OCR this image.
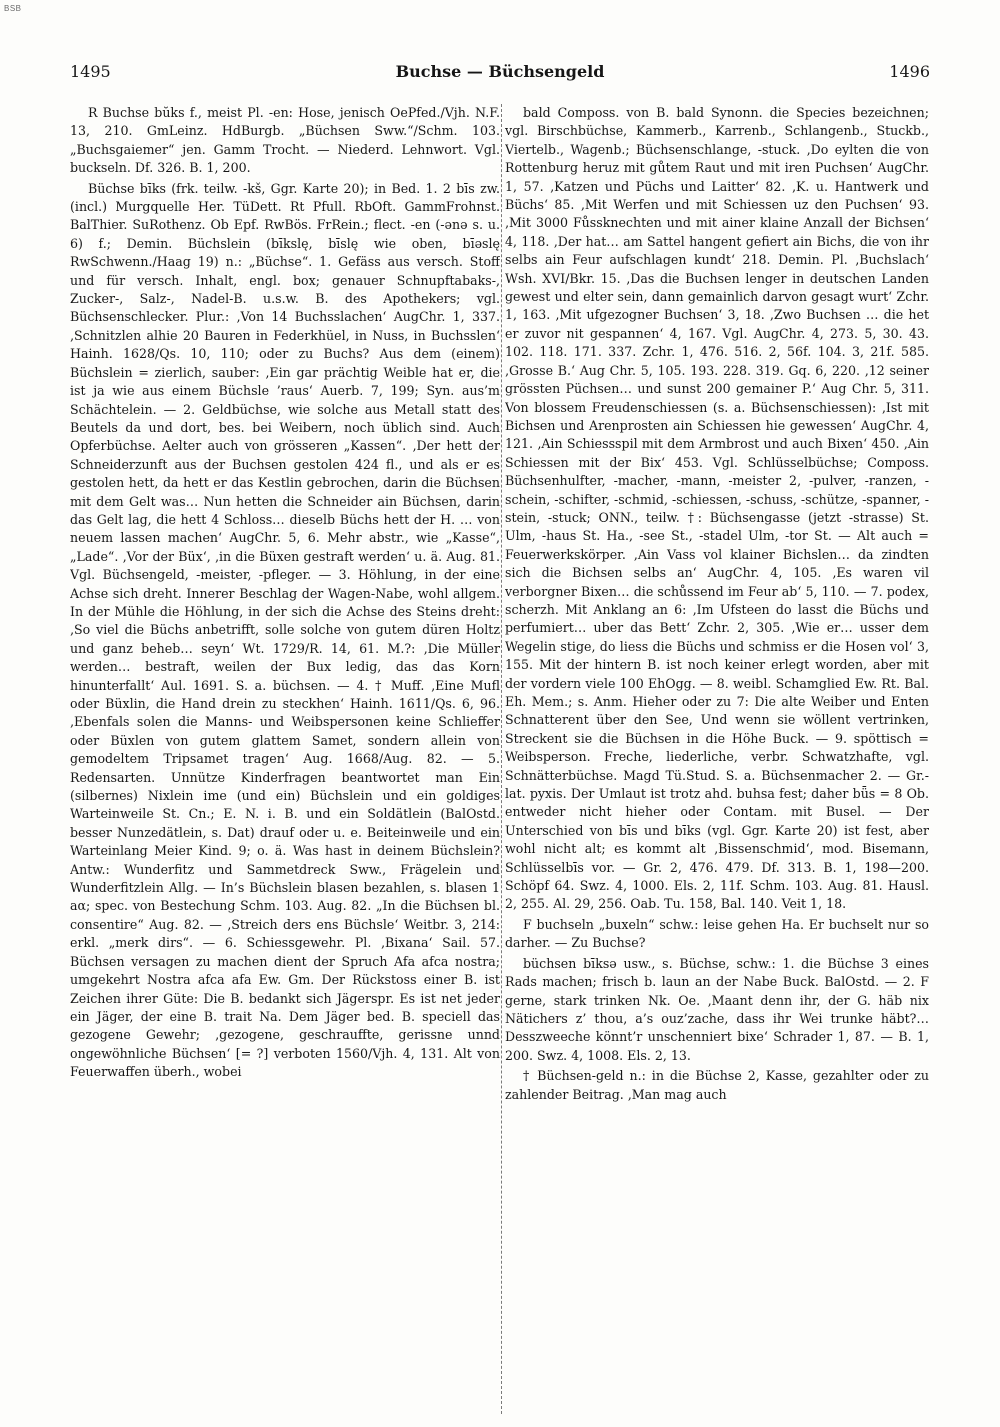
BSB
1495	Buchse — Büchsengeld	1496

R Buchse bŭks f., meist Pl. -en: Hose, jenisch OePfed./Vjh. N.F. 13, 210. GmLeinz. HdBurgb. „Büchsen Sww.“/Schm. 103. „Buchsgaiemer“ jen. Gamm Trocht. — Niederd. Lehnwort. Vgl. buckseln. Df. 326. B. 1, 200.

Büchse bīks (frk. teilw. -kš, Ggr. Karte 20); in Bed. 1. 2 bīs zw. (incl.) Murgquelle Her. TüDett. Rt Pfull. RbOft. GammFrohnst. BalThier. SuRothenz. Ob Epf. RwBös. FrRein.; flect. -en (-ənə s. u. 6) f.; Demin. Büchslein (bīkslę, bīslę wie oben, bīəslę RwSchwenn./Haag 19) n.: „Büchse“. 1. Gefäss aus versch. Stoff und für versch. Inhalt, engl. box; genauer Schnupftabaks-, Zucker-, Salz-, Nadel-B. u.s.w. B. des Apothekers; vgl. Büchsenschlecker. Plur.: ‚Von 14 Buchsslachen‘ AugChr. 1, 337. ‚Schnitzlen alhie 20 Bauren in Federkhüel, in Nuss, in Buchsslen‘ Hainh. 1628/Qs. 10, 110; oder zu Buchs? Aus dem (einem) Büchslein = zierlich, sauber: ‚Ein gar prächtig Weible hat er, die ist ja wie aus einem Büchsle ’raus‘ Auerb. 7, 199; Syn. aus’m Schächtelein. — 2. Geldbüchse, wie solche aus Metall statt des Beutels da und dort, bes. bei Weibern, noch üblich sind. Auch Opferbüchse. Aelter auch von grösseren „Kassen“. ‚Der hett der Schneiderzunft aus der Buchsen gestolen 424 fl., und als er es gestolen hett, da hett er das Kestlin gebrochen, darin die Büchsen mit dem Gelt was… Nun hetten die Schneider ain Büchsen, darin das Gelt lag, die hett 4 Schloss… dieselb Büchs hett der H. … von neuem lassen machen‘ AugChr. 5, 6. Mehr abstr., wie „Kasse“, „Lade“. ‚Vor der Büx‘, ‚in die Büxen gestraft werden‘ u. ä. Aug. 81. Vgl. Büchsengeld, -meister, -pfleger. — 3. Höhlung, in der eine Achse sich dreht. Innerer Beschlag der Wagen-Nabe, wohl allgem. In der Mühle die Höhlung, in der sich die Achse des Steins dreht: ‚So viel die Büchs anbetrifft, solle solche von gutem düren Holtz und ganz beheb… seyn‘ Wt. 1729/R. 14, 61. M.?: ‚Die Müller werden… bestraft, weilen der Bux ledig, das das Korn hinunterfallt‘ Aul. 1691. S. a. büchsen. — 4. † Muff. ‚Eine Mufl oder Büxlin, die Hand drein zu steckhen‘ Hainh. 1611/Qs. 6, 96. ‚Ebenfals solen die Manns- und Weibspersonen keine Schlieffer oder Büxlen von gutem glattem Samet, sondern allein von gemodeltem Tripsamet tragen‘ Aug. 1668/Aug. 82. — 5. Redensarten. Unnütze Kinderfragen beantwortet man Ein (silbernes) Nixlein ime (und ein) Büchslein und ein goldiges Warteinweile St. Cn.; E. N. i. B. und ein Soldätlein (BalOstd. besser Nunzedätlein, s. Dat) drauf oder u. e. Beiteinweile und ein Warteinlang Meier Kind. 9; o. ä. Was hast in deinem Büchslein? Antw.: Wunderfitz und Sammetdreck Sww., Frägelein und Wunderfitzlein Allg. — In’s Büchslein blasen bezahlen, s. blasen 1 aα; spec. von Bestechung Schm. 103. Aug. 82. „In die Büchsen bl. consentire“ Aug. 82. — ‚Streich ders ens Büchsle‘ Weitbr. 3, 214: erkl. „merk dirs“. — 6. Schiessgewehr. Pl. ‚Bixana‘ Sail. 57. Büchsen versagen zu machen dient der Spruch Afa afca nostra; umgekehrt Nostra afca afa Ew. Gm. Der Rückstoss einer B. ist Zeichen ihrer Güte: Die B. bedankt sich Jägerspr. Es ist net jeder ein Jäger, der eine B. trait Na. Dem Jäger bed. B. speciell das gezogene Gewehr; ‚gezogene, geschrauffte, gerissne unnd ongewöhnliche Büchsen‘ [= ?] verboten 1560/Vjh. 4, 131. Alt von Feuerwaffen überh., wobei

bald Composs. von B. bald Synonn. die Species bezeichnen; vgl. Birschbüchse, Kammerb., Karrenb., Schlangenb., Stuckb., Viertelb., Wagenb.; Büchsenschlange, -stuck. ‚Do eylten die von Rottenburg heruz mit gůtem Raut und mit iren Puchsen‘ AugChr. 1, 57. ‚Katzen und Püchs und Laitter‘ 82. ‚K. u. Hantwerk und Büchs‘ 85. ‚Mit Werfen und mit Schiessen uz den Puchsen‘ 93. ‚Mit 3000 Fůssknechten und mit ainer klaine Anzall der Bichsen‘ 4, 118. ‚Der hat… am Sattel hangent gefiert ain Bichs, die von ihr selbs ain Feur aufschlagen kundt‘ 218. Demin. Pl. ‚Buchslach‘ Wsh. XVI/Bkr. 15. ‚Das die Buchsen lenger in deutschen Landen gewest und elter sein, dann gemainlich darvon gesagt wurt‘ Zchr. 1, 163. ‚Mit ufgezogner Buchsen‘ 3, 18. ‚Zwo Buchsen … die het er zuvor nit gespannen‘ 4, 167. Vgl. AugChr. 4, 273. 5, 30. 43. 102. 118. 171. 337. Zchr. 1, 476. 516. 2, 56f. 104. 3, 21f. 585. ‚Grosse B.‘ Aug Chr. 5, 105. 193. 228. 319. Gq. 6, 220. ‚12 seiner grössten Püchsen… und sunst 200 gemainer P.‘ Aug Chr. 5, 311. Von blossem Freudenschiessen (s. a. Büchsenschiessen): ‚Ist mit Bichsen und Arenprosten ain Schiessen hie gewessen‘ AugChr. 4, 121. ‚Ain Schiessspil mit dem Armbrost und auch Bixen‘ 450. ‚Ain Schiessen mit der Bix‘ 453. Vgl. Schlüsselbüchse; Composs. Büchsenhulfter, -macher, -mann, -meister 2, -pulver, -ranzen, -schein, -schifter, -schmid, -schiessen, -schuss, -schütze, -spanner, -stein, -stuck; ONN., teilw. †: Büchsengasse (jetzt -strasse) St. Ulm, -haus St. Ha., -see St., -stadel Ulm, -tor St. — Alt auch = Feuerwerkskörper. ‚Ain Vass vol klainer Bichslen… da zindten sich die Bichsen selbs an‘ AugChr. 4, 105. ‚Es waren vil verborgner Bixen… die schůssend im Feur ab‘ 5, 110. — 7. podex, scherzh. Mit Anklang an 6: ‚Im Ufsteen do lasst die Büchs und perfumiert… uber das Bett‘ Zchr. 2, 305. ‚Wie er… usser dem Wegelin stige, do liess die Büchs und schmiss er die Hosen vol‘ 3, 155. Mit der hintern B. ist noch keiner erlegt worden, aber mit der vordern viele 100 EhOgg. — 8. weibl. Schamglied Ew. Rt. Bal. Eh. Mem.; s. Anm. Hieher oder zu 7: Die alte Weiber und Enten Schnatterent über den See, Und wenn sie wöllent vertrinken, Streckent sie die Büchsen in die Höhe Buck. — 9. spöttisch = Weibsperson. Freche, liederliche, verbr. Schwatzhafte, vgl. Schnätterbüchse. Magd Tü.Stud. S. a. Büchsenmacher 2. — Gr.-lat. pyxis. Der Umlaut ist trotz ahd. buhsa fest; daher bǖs = 8 Ob. entweder nicht hieher oder Contam. mit Busel. — Der Unterschied von bīs und bīks (vgl. Ggr. Karte 20) ist fest, aber wohl nicht alt; es kommt alt ‚Bissenschmid‘, mod. Bisemann, Schlüsselbīs vor. — Gr. 2, 476. 479. Df. 313. B. 1, 198—200. Schöpf 64. Swz. 4, 1000. Els. 2, 11f. Schm. 103. Aug. 81. Hausl. 2, 255. Al. 29, 256. Oab. Tu. 158, Bal. 140. Veit 1, 18.

F buchseln „buxeln“ schw.: leise gehen Ha. Er buchselt nur so darher. — Zu Buchse?

büchsen bīksə usw., s. Büchse, schw.: 1. die Büchse 3 eines Rads machen; frisch b. laun an der Nabe Buck. BalOstd. — 2. F gerne, stark trinken Nk. Oe. ‚Maant denn ihr, der G. häb nix Nätichers z’ thou, a’s ouz’zache, dass ihr Wei trunke häbt?… Desszweeche könnt’r unschenniert bixe‘ Schrader 1, 87. — B. 1, 200. Swz. 4, 1008. Els. 2, 13.

† Büchsen-geld n.: in die Büchse 2, Kasse, gezahlter oder zu zahlender Beitrag. ‚Man mag auch
